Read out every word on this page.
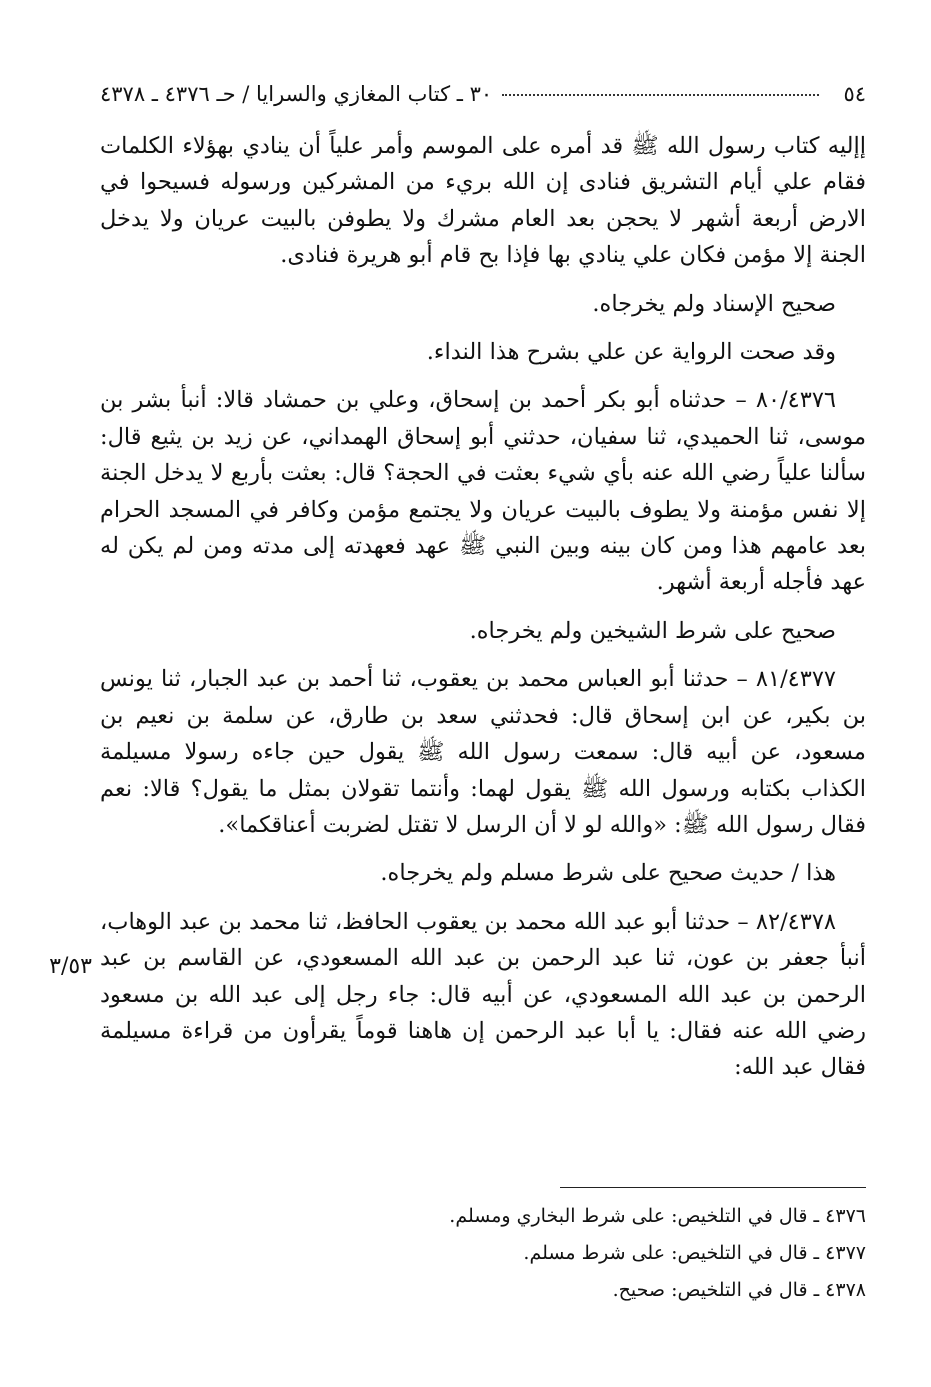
٥٤
٣٠ ـ كتاب المغازي والسرايا / حـ ٤٣٧٦ ـ ٤٣٧٨

إإليه كتاب رسول الله ﷺ قد أمره على الموسم وأمر علياً أن ينادي بهؤلاء الكلمات فقام علي أيام التشريق فنادى إن الله بريء من المشركين ورسوله فسيحوا في الارض أربعة أشهر لا يحجن بعد العام مشرك ولا يطوفن بالبيت عريان ولا يدخل الجنة إلا مؤمن فكان علي ينادي بها فإذا بح قام أبو هريرة فنادى.

صحيح الإسناد ولم يخرجاه.

وقد صحت الرواية عن علي بشرح هذا النداء.

٨٠/٤٣٧٦ – حدثناه أبو بكر أحمد بن إسحاق، وعلي بن حمشاد قالا: أنبأ بشر بن موسى، ثنا الحميدي، ثنا سفيان، حدثني أبو إسحاق الهمداني، عن زيد بن يثيع قال: سألنا علياً رضي الله عنه بأي شيء بعثت في الحجة؟ قال: بعثت بأربع لا يدخل الجنة إلا نفس مؤمنة ولا يطوف بالبيت عريان ولا يجتمع مؤمن وكافر في المسجد الحرام بعد عامهم هذا ومن كان بينه وبين النبي ﷺ عهد فعهدته إلى مدته ومن لم يكن له عهد فأجله أربعة أشهر.

صحيح على شرط الشيخين ولم يخرجاه.

٨١/٤٣٧٧ – حدثنا أبو العباس محمد بن يعقوب، ثنا أحمد بن عبد الجبار، ثنا يونس بن بكير، عن ابن إسحاق قال: فحدثني سعد بن طارق، عن سلمة بن نعيم بن مسعود، عن أبيه قال: سمعت رسول الله ﷺ يقول حين جاءه رسولا مسيلمة الكذاب بكتابه ورسول الله ﷺ يقول لهما: وأنتما تقولان بمثل ما يقول؟ قالا: نعم فقال رسول الله ﷺ: «والله لو لا أن الرسل لا تقتل لضربت أعناقكما».

هذا / حديث صحيح على شرط مسلم ولم يخرجاه.

٨٢/٤٣٧٨ – حدثنا أبو عبد الله محمد بن يعقوب الحافظ، ثنا محمد بن عبد الوهاب، أنبأ جعفر بن عون، ثنا عبد الرحمن بن عبد الله المسعودي، عن القاسم بن عبد الرحمن بن عبد الله المسعودي، عن أبيه قال: جاء رجل إلى عبد الله بن مسعود رضي الله عنه فقال: يا أبا عبد الرحمن إن هاهنا قوماً يقرأون من قراءة مسيلمة فقال عبد الله:

٣/٥٣

٤٣٧٦ ـ قال في التلخيص: على شرط البخاري ومسلم.

٤٣٧٧ ـ قال في التلخيص: على شرط مسلم.

٤٣٧٨ ـ قال في التلخيص: صحيح.
